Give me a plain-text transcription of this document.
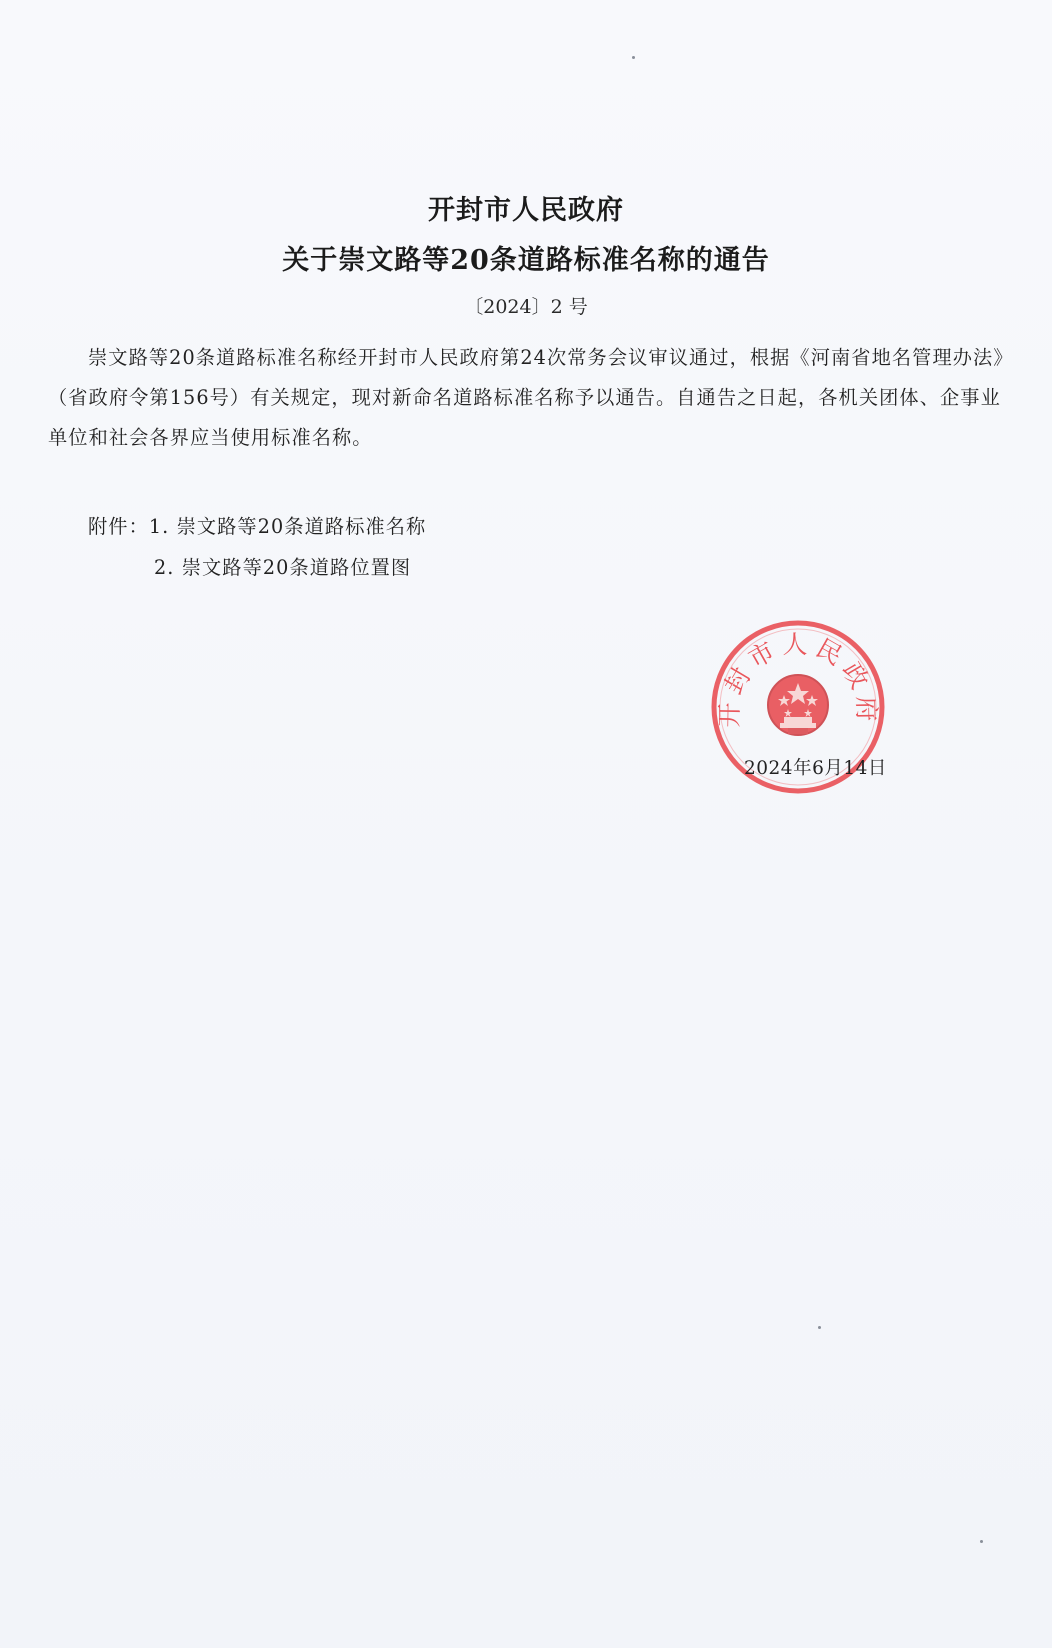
开封市人民政府
关于崇文路等20条道路标准名称的通告
〔2024〕2 号
崇文路等20条道路标准名称经开封市人民政府第24次常务会议审议通过，根据《河南省地名管理办法》（省政府令第156号）有关规定，现对新命名道路标准名称予以通告。自通告之日起，各机关团体、企事业单位和社会各界应当使用标准名称。
附件：1. 崇文路等20条道路标准名称
2. 崇文路等20条道路位置图
开封市人民政府
2024年6月14日
